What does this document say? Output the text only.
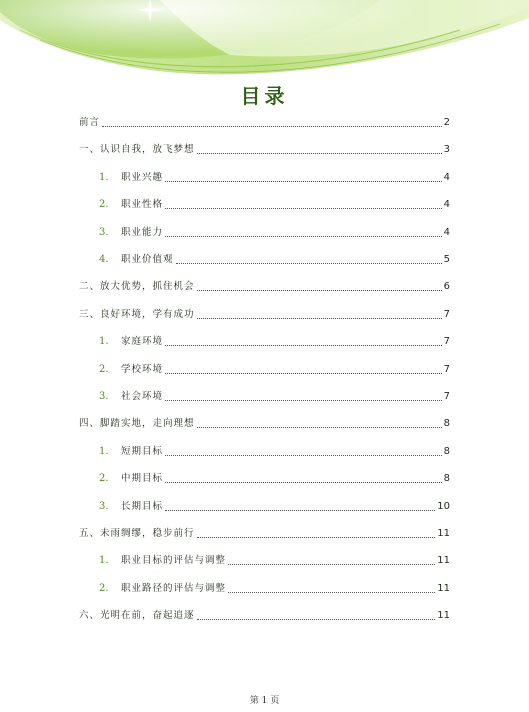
目录
前言	2
一、认识自我，放飞梦想	3
1.	职业兴趣	4
2.	职业性格	4
3.	职业能力	4
4.	职业价值观	5
二、放大优势，抓住机会	6
三、良好环境，学有成功	7
1.	家庭环境	7
2.	学校环境	7
3.	社会环境	7
四、脚踏实地，走向理想	8
1.	短期目标	8
2.	中期目标	8
3.	长期目标	10
五、未雨绸缪，稳步前行	11
1.	职业目标的评估与调整	11
2.	职业路径的评估与调整	11
六、光明在前，奋起追逐	11
第 1 页
